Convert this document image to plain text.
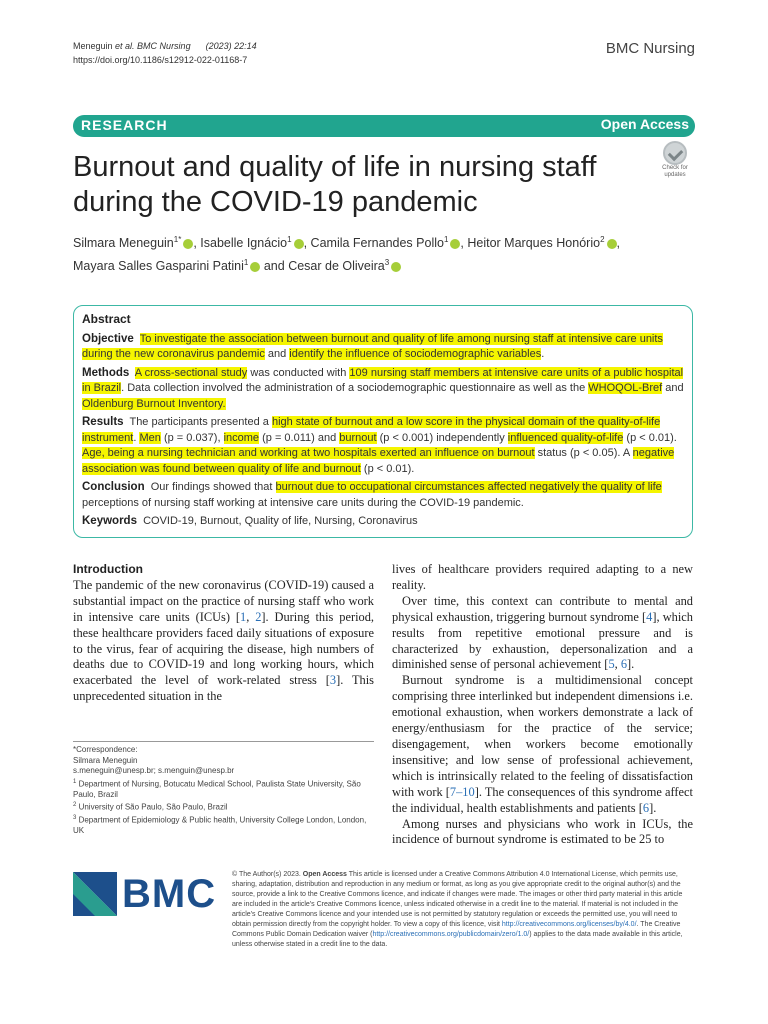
Meneguin et al. BMC Nursing (2023) 22:14
https://doi.org/10.1186/s12912-022-01168-7
BMC Nursing
RESEARCH	Open Access
Burnout and quality of life in nursing staff during the COVID-19 pandemic
Check for
updates
Silmara Meneguin$^{1*}$ , Isabelle Ignácio$^1$ , Camila Fernandes Pollo$^1$ , Heitor Marques Honório$^2$ ,
Mayara Salles Gasparini Patini$^1$ and Cesar de Oliveira$^3$
Abstract

Objective To investigate the association between burnout and quality of life among nursing staff at intensive care units during the new coronavirus pandemic and identify the influence of sociodemographic variables.

Methods A cross-sectional study was conducted with 109 nursing staff members at intensive care units of a public hospital in Brazil. Data collection involved the administration of a sociodemographic questionnaire as well as the WHOQOL-Bref and Oldenburg Burnout Inventory.

Results The participants presented a high state of burnout and a low score in the physical domain of the quality-of-life instrument. Men (p = 0.037), income (p = 0.011) and burnout (p < 0.001) independently influenced quality-of-life (p < 0.01). Age, being a nursing technician and working at two hospitals exerted an influence on burnout status (p < 0.05). A negative association was found between quality of life and burnout (p < 0.01).

Conclusion Our findings showed that burnout due to occupational circumstances affected negatively the quality of life perceptions of nursing staff working at intensive care units during the COVID-19 pandemic.

Keywords COVID-19, Burnout, Quality of life, Nursing, Coronavirus

Introduction

The pandemic of the new coronavirus (COVID-19) caused a substantial impact on the practice of nursing staff who work in intensive care units (ICUs) [1, 2]. During this period, these healthcare providers faced daily situations of exposure to the virus, fear of acquiring the disease, high numbers of deaths due to COVID-19 and long working hours, which exacerbated the level of work-related stress [3]. This unprecedented situation in the

*Correspondence:
Silmara Meneguin
s.meneguin@unesp.br; s.menguin@unesp.br
$^1$ Department of Nursing, Botucatu Medical School, Paulista State University, São Paulo, Brazil
$^2$ University of São Paulo, São Paulo, Brazil
$^3$ Department of Epidemiology & Public health, University College London, London, UK

lives of healthcare providers required adapting to a new reality.

Over time, this context can contribute to mental and physical exhaustion, triggering burnout syndrome [4], which results from repetitive emotional pressure and is characterized by exhaustion, depersonalization and a diminished sense of personal achievement [5, 6].

Burnout syndrome is a multidimensional concept comprising three interlinked but independent dimensions i.e. emotional exhaustion, when workers demonstrate a lack of energy/enthusiasm for the practice of the service; disengagement, when workers become emotionally insensitive; and low sense of professional achievement, which is intrinsically related to the feeling of dissatisfaction with work [7–10]. The consequences of this syndrome affect the individual, health establishments and patients [6].

Among nurses and physicians who work in ICUs, the incidence of burnout syndrome is estimated to be 25 to

BMC © The Author(s) 2023. Open Access This article is licensed under a Creative Commons Attribution 4.0 International License, which permits use, sharing, adaptation, distribution and reproduction in any medium or format, as long as you give appropriate credit to the original author(s) and the source, provide a link to the Creative Commons licence, and indicate if changes were made. The images or other third party material in this article are included in the article's Creative Commons licence, unless indicated otherwise in a credit line to the material. If material is not included in the article's Creative Commons licence and your intended use is not permitted by statutory regulation or exceeds the permitted use, you will need to obtain permission directly from the copyright holder. To view a copy of this licence, visit http://creativecommons.org/licenses/by/4.0/. The Creative Commons Public Domain Dedication waiver (http://creativecommons.org/publicdomain/zero/1.0/) applies to the data made available in this article, unless otherwise stated in a credit line to the data.
